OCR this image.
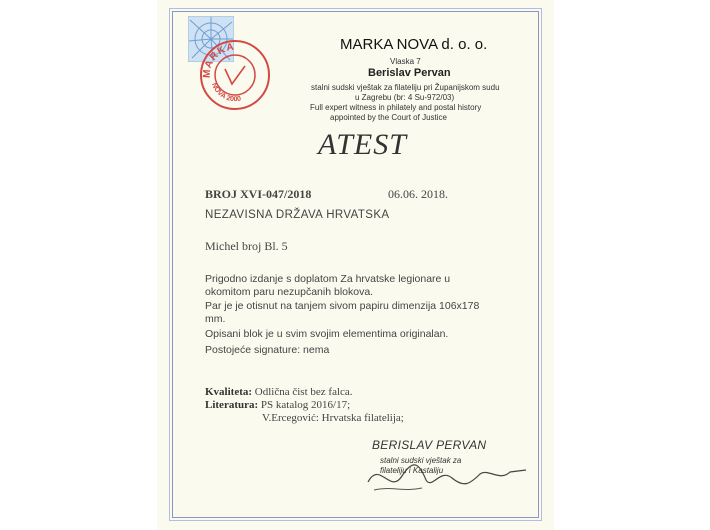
MARKA
NOVA 2000
MARKA NOVA d. o. o.
Vlaska 7
Berislav Pervan
stalni sudski vještak za filateliju pri Županijskom sudu
u Zagrebu (br: 4 Su-972/03)
Full expert witness in philately and postal history
appointed by the Court of Justice
ATEST
BROJ XVI-047/2018	06.06. 2018.
NEZAVISNA DRŽAVA HRVATSKA
Michel broj Bl. 5
Prigodno izdanje s doplatom Za hrvatske legionare u
okomitom paru nezupčanih blokova.
Par je je otisnut na tanjem sivom papiru dimenzija 106x178
mm.
Opisani blok je u svim svojim elementima originalan.
Postojeće signature: nema
Kvaliteta: Odlična čist bez falca.
Literatura: PS katalog 2016/17;
V.Ercegović: Hrvatska filatelija;
BERISLAV PERVAN
stalni sudski vještak za
filateliju i Kastaliju
